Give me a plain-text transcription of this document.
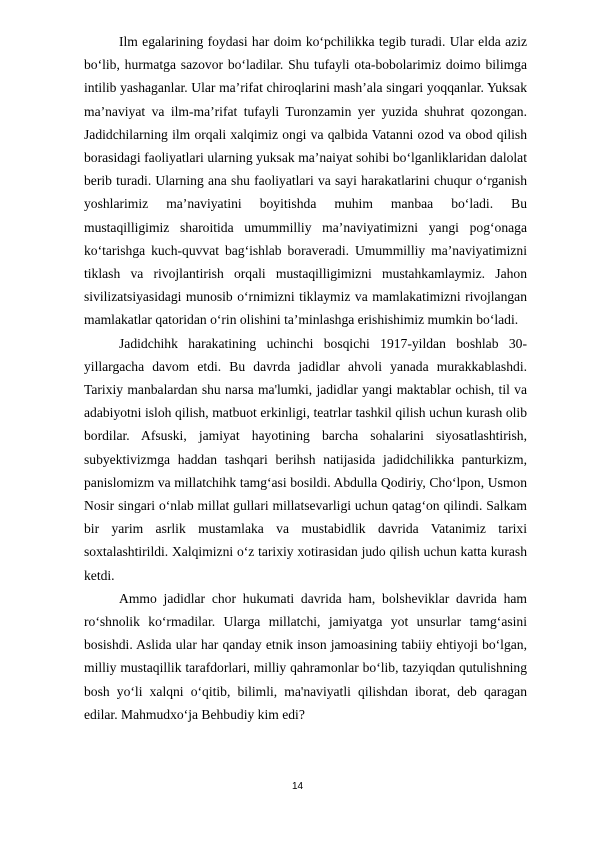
Ilm egalarining foydasi har doim ko‘pchilikka tegib turadi. Ular elda aziz bo‘lib, hurmatga sazovor bo‘ladilar. Shu tufayli ota-bobolarimiz doimo bilimga intilib yashaganlar. Ular ma’rifat chiroqlarini mash’ala singari yoqqanlar. Yuksak ma’naviyat va ilm-ma’rifat tufayli Turonzamin yer yuzida shuhrat qozongan. Jadidchilarning ilm orqali xalqimiz ongi va qalbida Vatanni ozod va obod qilish borasidagi faoliyatlari ularning yuksak ma’naiyat sohibi bo‘lganliklaridan dalolat berib turadi. Ularning ana shu faoliyatlari va sayi harakatlarini chuqur o‘rganish yoshlarimiz ma’naviyatini boyitishda muhim manbaa bo‘ladi. Bu mustaqilligimiz sharoitida umummilliy ma’naviyatimizni yangi pog‘onaga ko‘tarishga kuch-quvvat bag‘ishlab boraveradi. Umummilliy ma’naviyatimizni tiklash va rivojlantirish orqali mustaqilligimizni mustahkamlaymiz. Jahon sivilizatsiyasidagi munosib o‘rnimizni tiklaymiz va mamlakatimizni rivojlangan mamlakatlar qatoridan o‘rin olishini ta’minlashga erishishimiz mumkin bo‘ladi.

Jadidchihk harakatining uchinchi bosqichi 1917-yildan boshlab 30-yillargacha davom etdi. Bu davrda jadidlar ahvoli yanada murakkablashdi. Tarixiy manbalardan shu narsa ma'lumki, jadidlar yangi maktablar ochish, til va adabiyotni isloh qilish, matbuot erkinligi, teatrlar tashkil qilish uchun kurash olib bordilar. Afsuski, jamiyat hayotining barcha sohalarini siyosatlashtirish, subyektivizmga haddan tashqari berihsh natijasida jadidchilikka panturkizm, panislomizm va millatchihk tamg‘asi bosildi. Abdulla Qodiriy, Cho‘lpon, Usmon Nosir singari o‘nlab millat gullari millatsevarligi uchun qatag‘on qilindi. Salkam bir yarim asrlik mustamlaka va mustabidlik davrida Vatanimiz tarixi soxtalashtirildi. Xalqimizni o‘z tarixiy xotirasidan judo qilish uchun katta kurash ketdi.

Ammo jadidlar chor hukumati davrida ham, bolsheviklar davrida ham ro‘shnolik ko‘rmadilar. Ularga millatchi, jamiyatga yot unsurlar tamg‘asini bosishdi. Aslida ular har qanday etnik inson jamoasining tabiiy ehtiyoji bo‘lgan, milliy mustaqillik tarafdorlari, milliy qahramonlar bo‘lib, tazyiqdan qutulishning bosh yo‘li xalqni o‘qitib, bilimli, ma'naviyatli qilishdan iborat, deb qaragan edilar. Mahmudxo‘ja Behbudiy kim edi?

14
